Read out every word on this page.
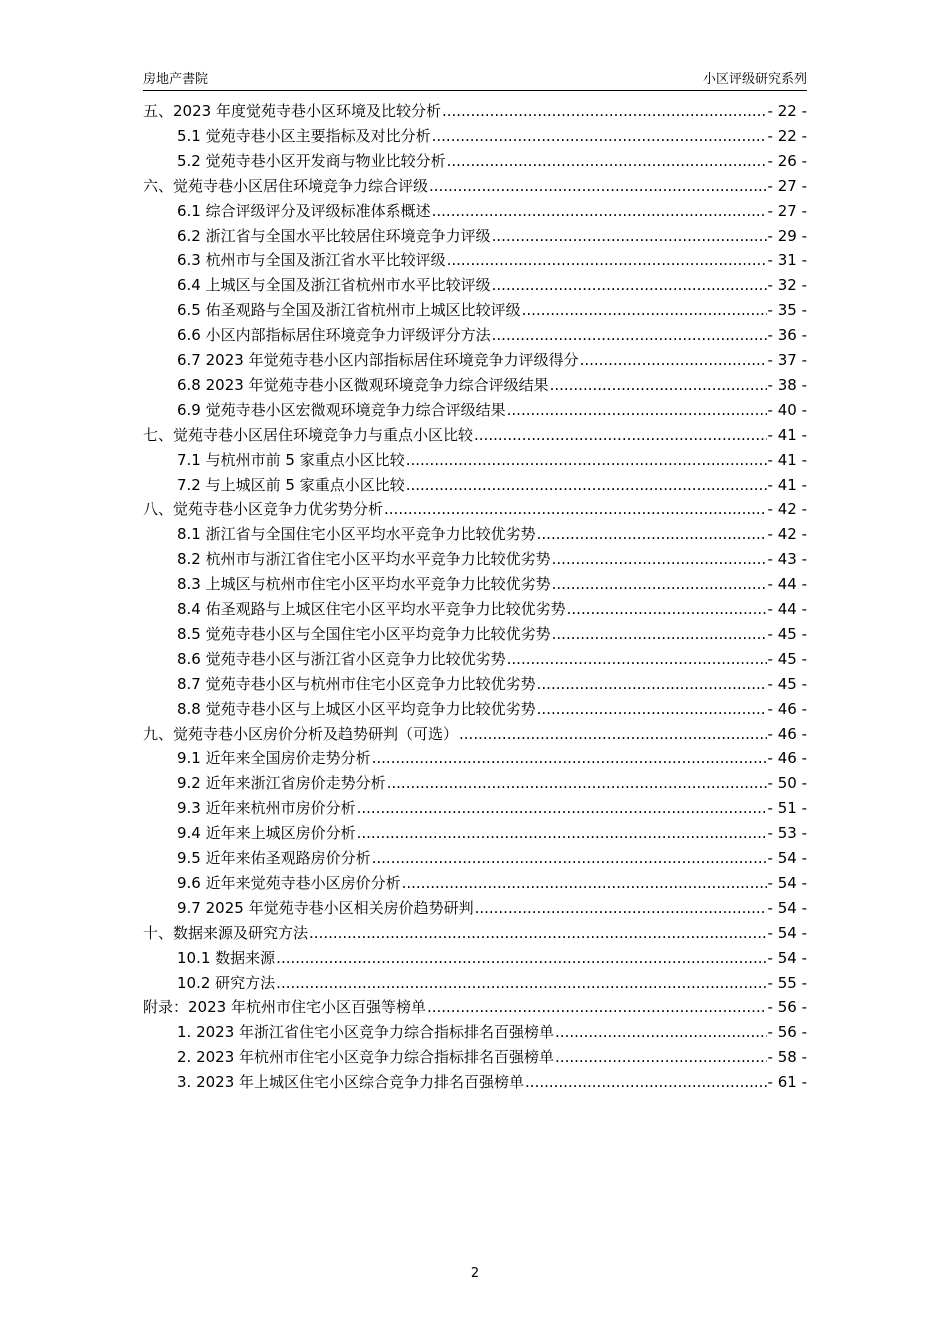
房地产書院	小区评级研究系列
五、2023 年度觉苑寺巷小区环境及比较分析 .....	- 22 -
5.1 觉苑寺巷小区主要指标及对比分析 .....	- 22 -
5.2 觉苑寺巷小区开发商与物业比较分析 .....	- 26 -
六、觉苑寺巷小区居住环境竞争力综合评级 .....	- 27 -
6.1 综合评级评分及评级标准体系概述 .....	- 27 -
6.2 浙江省与全国水平比较居住环境竞争力评级 .....	- 29 -
6.3 杭州市与全国及浙江省水平比较评级 .....	- 31 -
6.4 上城区与全国及浙江省杭州市水平比较评级 .....	- 32 -
6.5 佑圣观路与全国及浙江省杭州市上城区比较评级 .....	- 35 -
6.6 小区内部指标居住环境竞争力评级评分方法 .....	- 36 -
6.7 2023 年觉苑寺巷小区内部指标居住环境竞争力评级得分 .....	- 37 -
6.8 2023 年觉苑寺巷小区微观环境竞争力综合评级结果 .....	- 38 -
6.9 觉苑寺巷小区宏微观环境竞争力综合评级结果 .....	- 40 -
七、觉苑寺巷小区居住环境竞争力与重点小区比较 .....	- 41 -
7.1 与杭州市前 5 家重点小区比较 .....	- 41 -
7.2 与上城区前 5 家重点小区比较 .....	- 41 -
八、觉苑寺巷小区竞争力优劣势分析 .....	- 42 -
8.1 浙江省与全国住宅小区平均水平竞争力比较优劣势 .....	- 42 -
8.2 杭州市与浙江省住宅小区平均水平竞争力比较优劣势 .....	- 43 -
8.3 上城区与杭州市住宅小区平均水平竞争力比较优劣势 .....	- 44 -
8.4 佑圣观路与上城区住宅小区平均水平竞争力比较优劣势 .....	- 44 -
8.5 觉苑寺巷小区与全国住宅小区平均竞争力比较优劣势 .....	- 45 -
8.6 觉苑寺巷小区与浙江省小区竞争力比较优劣势 .....	- 45 -
8.7 觉苑寺巷小区与杭州市住宅小区竞争力比较优劣势 .....	- 45 -
8.8 觉苑寺巷小区与上城区小区平均竞争力比较优劣势 .....	- 46 -
九、觉苑寺巷小区房价分析及趋势研判（可选） .....	- 46 -
9.1 近年来全国房价走势分析 .....	- 46 -
9.2 近年来浙江省房价走势分析 .....	- 50 -
9.3 近年来杭州市房价分析 .....	- 51 -
9.4 近年来上城区房价分析 .....	- 53 -
9.5 近年来佑圣观路房价分析 .....	- 54 -
9.6 近年来觉苑寺巷小区房价分析 .....	- 54 -
9.7 2025 年觉苑寺巷小区相关房价趋势研判 .....	- 54 -
十、数据来源及研究方法 .....	- 54 -
10.1 数据来源 .....	- 54 -
10.2 研究方法 .....	- 55 -
附录：2023 年杭州市住宅小区百强等榜单 .....	- 56 -
1. 2023 年浙江省住宅小区竞争力综合指标排名百强榜单 .....	- 56 -
2. 2023 年杭州市住宅小区竞争力综合指标排名百强榜单 .....	- 58 -
3. 2023 年上城区住宅小区综合竞争力排名百强榜单 .....	- 61 -
2
